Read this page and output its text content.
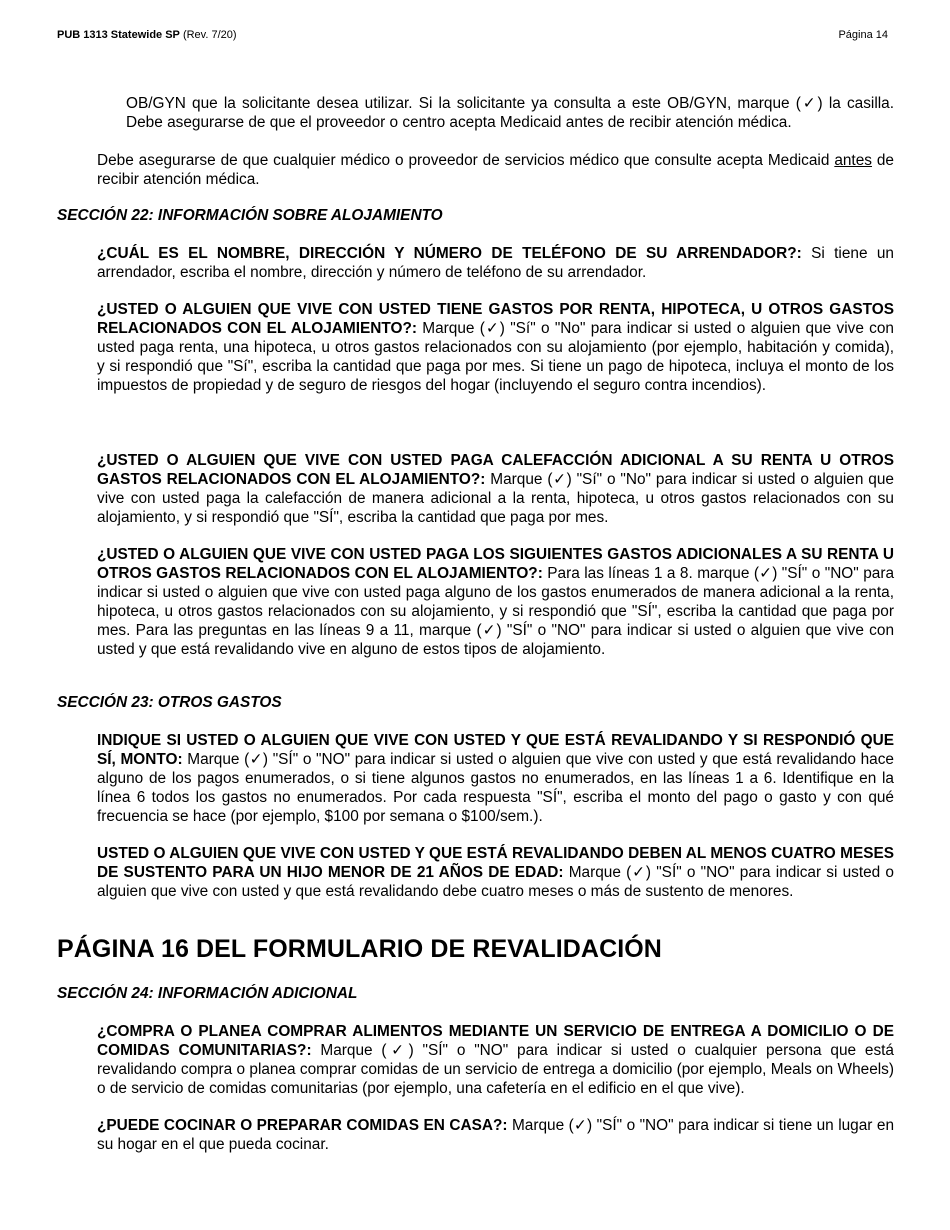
PUB 1313 Statewide SP (Rev. 7/20)	Página 14

OB/GYN que la solicitante desea utilizar. Si la solicitante ya consulta a este OB/GYN, marque (✓) la casilla. Debe asegurarse de que el proveedor o centro acepta Medicaid antes de recibir atención médica.

Debe asegurarse de que cualquier médico o proveedor de servicios médico que consulte acepta Medicaid antes de recibir atención médica.

SECCIÓN 22: INFORMACIÓN SOBRE ALOJAMIENTO

¿CUÁL ES EL NOMBRE, DIRECCIÓN Y NÚMERO DE TELÉFONO DE SU ARRENDADOR?: Si tiene un arrendador, escriba el nombre, dirección y número de teléfono de su arrendador.

¿USTED O ALGUIEN QUE VIVE CON USTED TIENE GASTOS POR RENTA, HIPOTECA, U OTROS GASTOS RELACIONADOS CON EL ALOJAMIENTO?: Marque (✓) "Sí" o "No" para indicar si usted o alguien que vive con usted paga renta, una hipoteca, u otros gastos relacionados con su alojamiento (por ejemplo, habitación y comida), y si respondió que "Sí", escriba la cantidad que paga por mes. Si tiene un pago de hipoteca, incluya el monto de los impuestos de propiedad y de seguro de riesgos del hogar (incluyendo el seguro contra incendios).

¿USTED O ALGUIEN QUE VIVE CON USTED PAGA CALEFACCIÓN ADICIONAL A SU RENTA U OTROS GASTOS RELACIONADOS CON EL ALOJAMIENTO?: Marque (✓) "Sí" o "No" para indicar si usted o alguien que vive con usted paga la calefacción de manera adicional a la renta, hipoteca, u otros gastos relacionados con su alojamiento, y si respondió que "SÍ", escriba la cantidad que paga por mes.

¿USTED O ALGUIEN QUE VIVE CON USTED PAGA LOS SIGUIENTES GASTOS ADICIONALES A SU RENTA U OTROS GASTOS RELACIONADOS CON EL ALOJAMIENTO?: Para las líneas 1 a 8. marque (✓) "SÍ" o "NO" para indicar si usted o alguien que vive con usted paga alguno de los gastos enumerados de manera adicional a la renta, hipoteca, u otros gastos relacionados con su alojamiento, y si respondió que "SÍ", escriba la cantidad que paga por mes. Para las preguntas en las líneas 9 a 11, marque (✓) "SÍ" o "NO" para indicar si usted o alguien que vive con usted y que está revalidando vive en alguno de estos tipos de alojamiento.

SECCIÓN 23: OTROS GASTOS

INDIQUE SI USTED O ALGUIEN QUE VIVE CON USTED Y QUE ESTÁ REVALIDANDO Y SI RESPONDIÓ QUE SÍ, MONTO: Marque (✓) "SÍ" o "NO" para indicar si usted o alguien que vive con usted y que está revalidando hace alguno de los pagos enumerados, o si tiene algunos gastos no enumerados, en las líneas 1 a 6. Identifique en la línea 6 todos los gastos no enumerados. Por cada respuesta "SÍ", escriba el monto del pago o gasto y con qué frecuencia se hace (por ejemplo, $100 por semana o $100/sem.).

USTED O ALGUIEN QUE VIVE CON USTED Y QUE ESTÁ REVALIDANDO DEBEN AL MENOS CUATRO MESES DE SUSTENTO PARA UN HIJO MENOR DE 21 AÑOS DE EDAD: Marque (✓) "SÍ" o "NO" para indicar si usted o alguien que vive con usted y que está revalidando debe cuatro meses o más de sustento de menores.

PÁGINA 16 DEL FORMULARIO DE REVALIDACIÓN
SECCIÓN 24: INFORMACIÓN ADICIONAL

¿COMPRA O PLANEA COMPRAR ALIMENTOS MEDIANTE UN SERVICIO DE ENTREGA A DOMICILIO O DE COMIDAS COMUNITARIAS?: Marque (✓) "SÍ" o "NO" para indicar si usted o cualquier persona que está revalidando compra o planea comprar comidas de un servicio de entrega a domicilio (por ejemplo, Meals on Wheels) o de servicio de comidas comunitarias (por ejemplo, una cafetería en el edificio en el que vive).

¿PUEDE COCINAR O PREPARAR COMIDAS EN CASA?: Marque (✓) "SÍ" o "NO" para indicar si tiene un lugar en su hogar en el que pueda cocinar.
